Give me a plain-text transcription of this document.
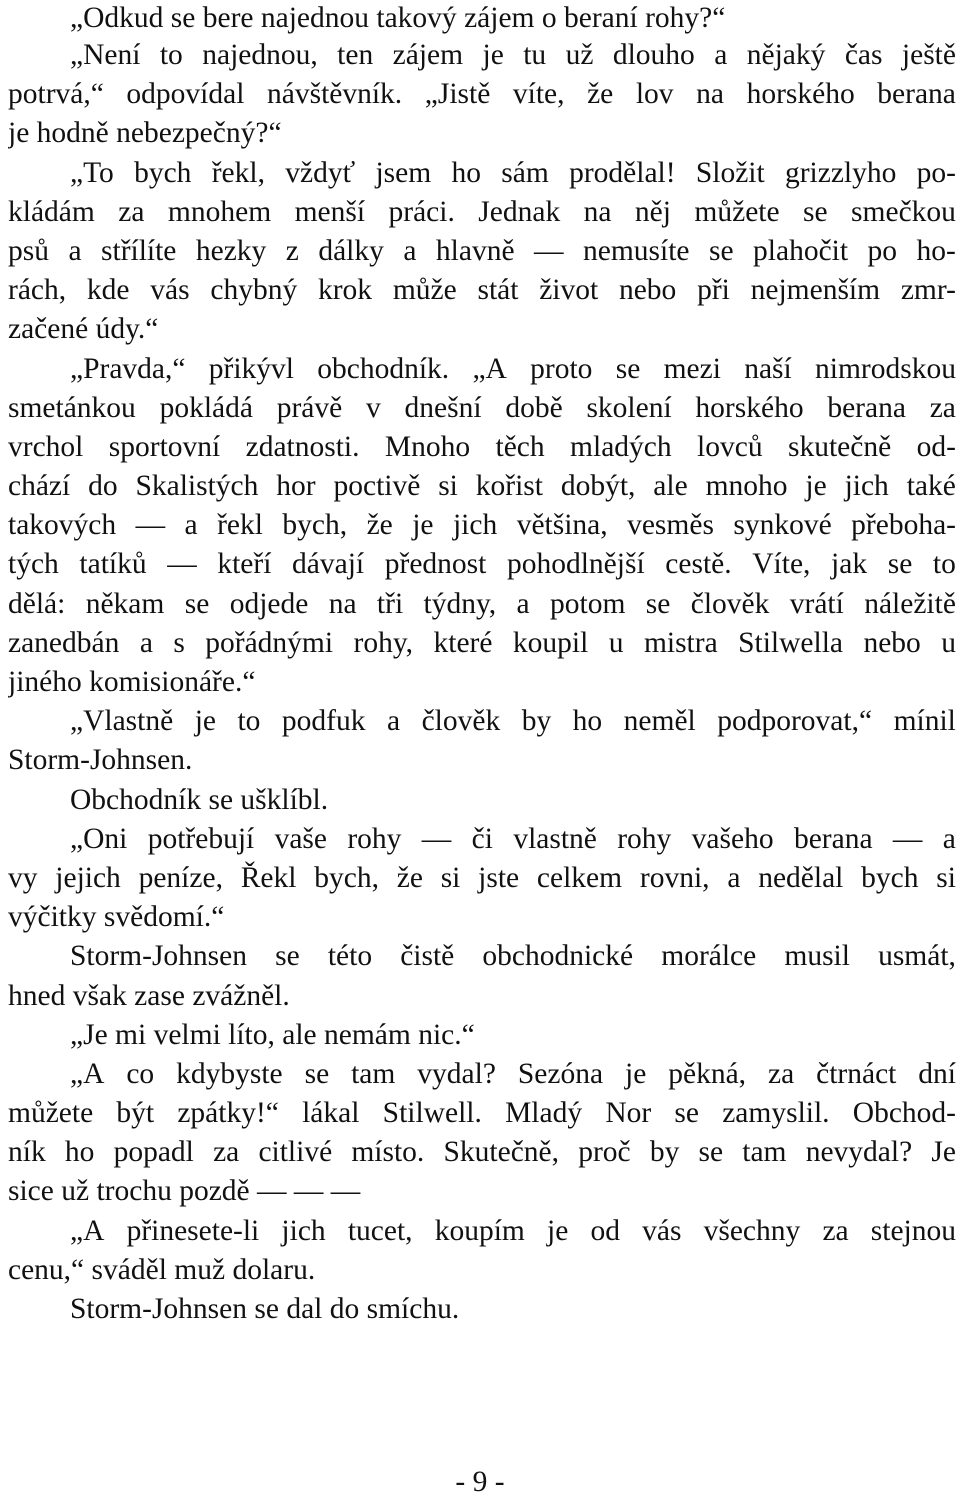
„Odkud se bere najednou takový zájem o beraní rohy?“
„Není to najednou, ten zájem je tu už dlouho a nějaký čas ještě
potrvá,“ odpovídal návštěvník. „Jistě víte, že lov na horského berana
je hodně nebezpečný?“
„To bych řekl, vždyť jsem ho sám prodělal! Složit grizzlyho po-
kládám za mnohem menší práci. Jednak na něj můžete se smečkou
psů a střílíte hezky z dálky a hlavně — nemusíte se plahočit po ho-
rách, kde vás chybný krok může stát život nebo při nejmenším zmr-
začené údy.“
„Pravda,“ přikývl obchodník. „A proto se mezi naší nimrodskou
smetánkou pokládá právě v dnešní době skolení horského berana za
vrchol sportovní zdatnosti. Mnoho těch mladých lovců skutečně od-
chází do Skalistých hor poctivě si kořist dobýt, ale mnoho je jich také
takových — a řekl bych, že je jich většina, vesměs synkové přeboha-
tých tatíků — kteří dávají přednost pohodlnější cestě. Víte, jak se to
dělá: někam se odjede na tři týdny, a potom se člověk vrátí náležitě
zanedbán a s pořádnými rohy, které koupil u mistra Stilwella nebo u
jiného komisionáře.“
„Vlastně je to podfuk a člověk by ho neměl podporovat,“ mínil
Storm-Johnsen.
Obchodník se ušklíbl.
„Oni potřebují vaše rohy — či vlastně rohy vašeho berana — a
vy jejich peníze, Řekl bych, že si jste celkem rovni, a nedělal bych si
výčitky svědomí.“
Storm-Johnsen se této čistě obchodnické morálce musil usmát,
hned však zase zvážněl.
„Je mi velmi líto, ale nemám nic.“
„A co kdybyste se tam vydal? Sezóna je pěkná, za čtrnáct dní
můžete být zpátky!“ lákal Stilwell. Mladý Nor se zamyslil. Obchod-
ník ho popadl za citlivé místo. Skutečně, proč by se tam nevydal? Je
sice už trochu pozdě — — —
„A přinesete-li jich tucet, koupím je od vás všechny za stejnou
cenu,“ sváděl muž dolaru.
Storm-Johnsen se dal do smíchu.
- 9 -
